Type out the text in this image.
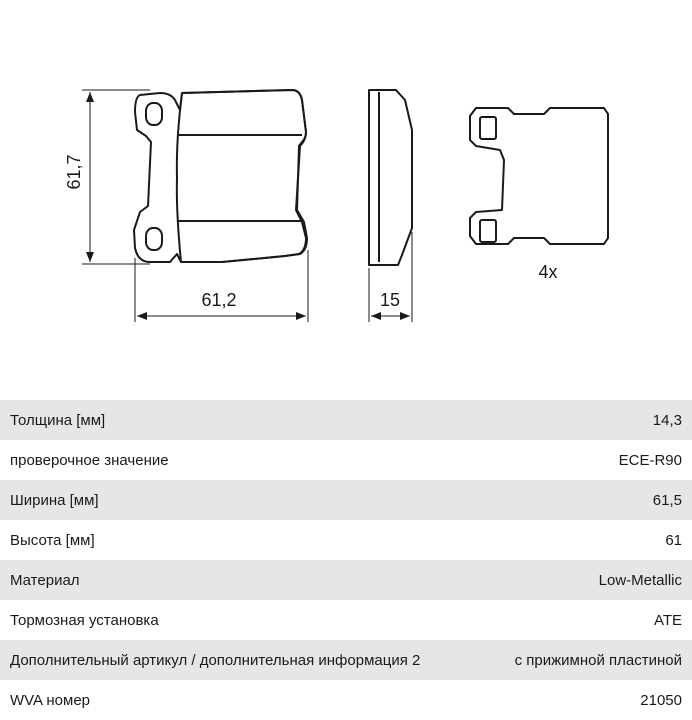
61,7
61,2	15
4x
Толщина [мм]	14,3
проверочное значение	ECE-R90
Ширина [мм]	61,5
Высота [мм]	61
Материал	Low-Metallic
Тормозная установка	ATE
Дополнительный артикул / дополнительная информация 2	с прижимной пластиной
WVA номер	21050
